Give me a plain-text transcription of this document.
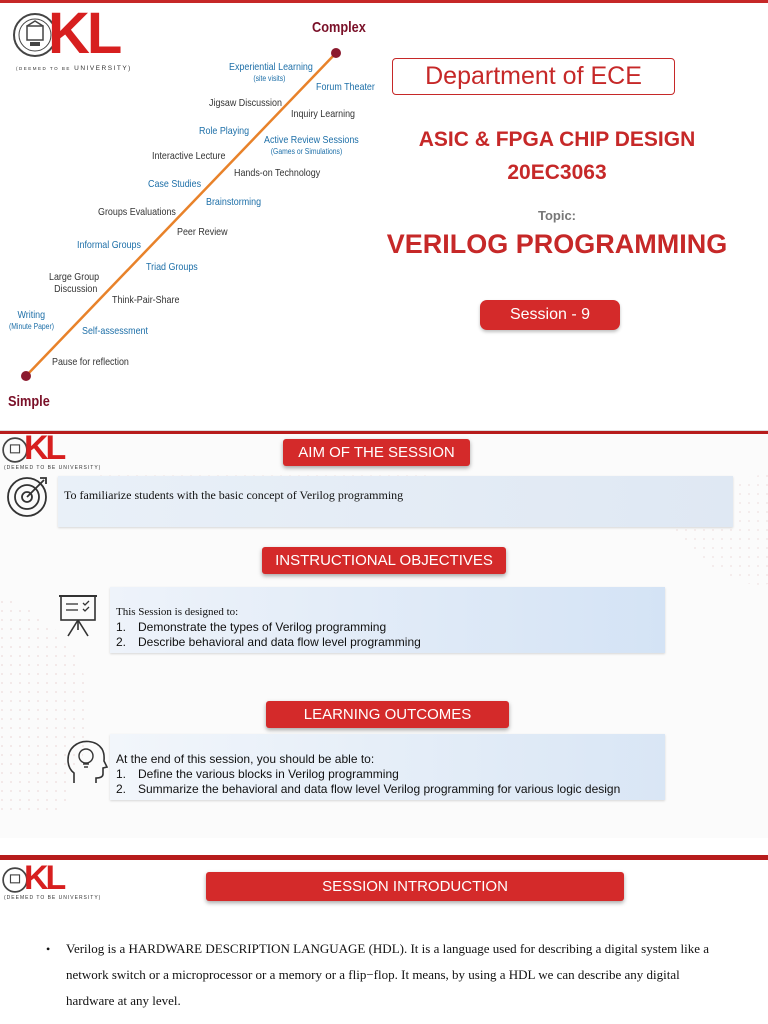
KL
(DEEMED TO BE UNIVERSITY)
Complex
Simple
Experiential Learning
(site visits)
Jigsaw Discussion
Role Playing
Interactive Lecture
Case Studies
Groups Evaluations
Informal Groups
Large Group
Discussion
Writing
(Minute Paper)
Forum Theater
Inquiry Learning
Active Review Sessions
(Games or Simulations)
Hands-on Technology
Brainstorming
Peer Review
Triad Groups
Think-Pair-Share
Self-assessment
Pause for reflection
Department of ECE
ASIC & FPGA CHIP DESIGN
20EC3063
Topic:
VERILOG PROGRAMMING
Session - 9
KL
(DEEMED TO BE UNIVERSITY)
AIM OF THE SESSION
To familiarize students with the basic concept of Verilog programming
INSTRUCTIONAL OBJECTIVES
This Session is designed to:
1. Demonstrate the types of Verilog programming
2. Describe behavioral and data flow level programming
LEARNING OUTCOMES
At the end of this session, you should be able to:
1. Define the various blocks in Verilog programming
2. Summarize the behavioral and data flow level Verilog programming for various logic design
KL
(DEEMED TO BE UNIVERSITY)
SESSION INTRODUCTION
• Verilog is a HARDWARE DESCRIPTION LANGUAGE (HDL). It is a language used for describing a digital system like a network switch or a microprocessor or a memory or a flip−flop. It means, by using a HDL we can describe any digital hardware at any level.
